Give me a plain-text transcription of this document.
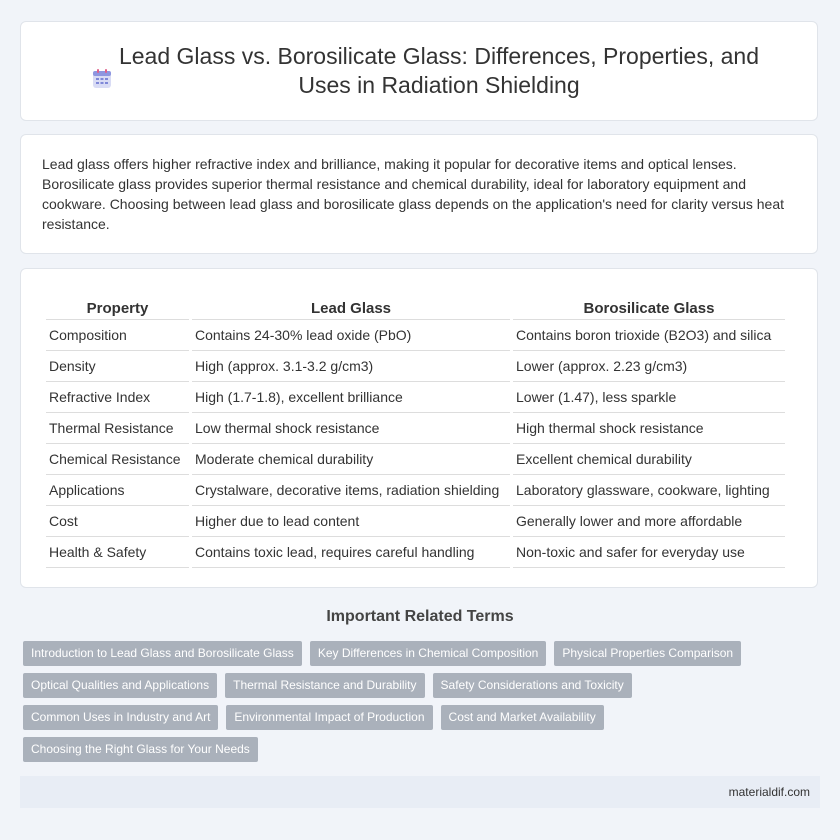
Lead Glass vs. Borosilicate Glass: Differences, Properties, and Uses in Radiation Shielding

Lead glass offers higher refractive index and brilliance, making it popular for decorative items and optical lenses. Borosilicate glass provides superior thermal resistance and chemical durability, ideal for laboratory equipment and cookware. Choosing between lead glass and borosilicate glass depends on the application's need for clarity versus heat resistance.

Property	Lead Glass	Borosilicate Glass
Composition	Contains 24-30% lead oxide (PbO)	Contains boron trioxide (B2O3) and silica
Density	High (approx. 3.1-3.2 g/cm3)	Lower (approx. 2.23 g/cm3)
Refractive Index	High (1.7-1.8), excellent brilliance	Lower (1.47), less sparkle
Thermal Resistance	Low thermal shock resistance	High thermal shock resistance
Chemical Resistance	Moderate chemical durability	Excellent chemical durability
Applications	Crystalware, decorative items, radiation shielding	Laboratory glassware, cookware, lighting
Cost	Higher due to lead content	Generally lower and more affordable
Health & Safety	Contains toxic lead, requires careful handling	Non-toxic and safer for everyday use
Important Related Terms
Introduction to Lead Glass and Borosilicate Glass	Key Differences in Chemical Composition	Physical Properties Comparison
Optical Qualities and Applications	Thermal Resistance and Durability	Safety Considerations and Toxicity
Common Uses in Industry and Art	Environmental Impact of Production	Cost and Market Availability
Choosing the Right Glass for Your Needs
materialdif.com
